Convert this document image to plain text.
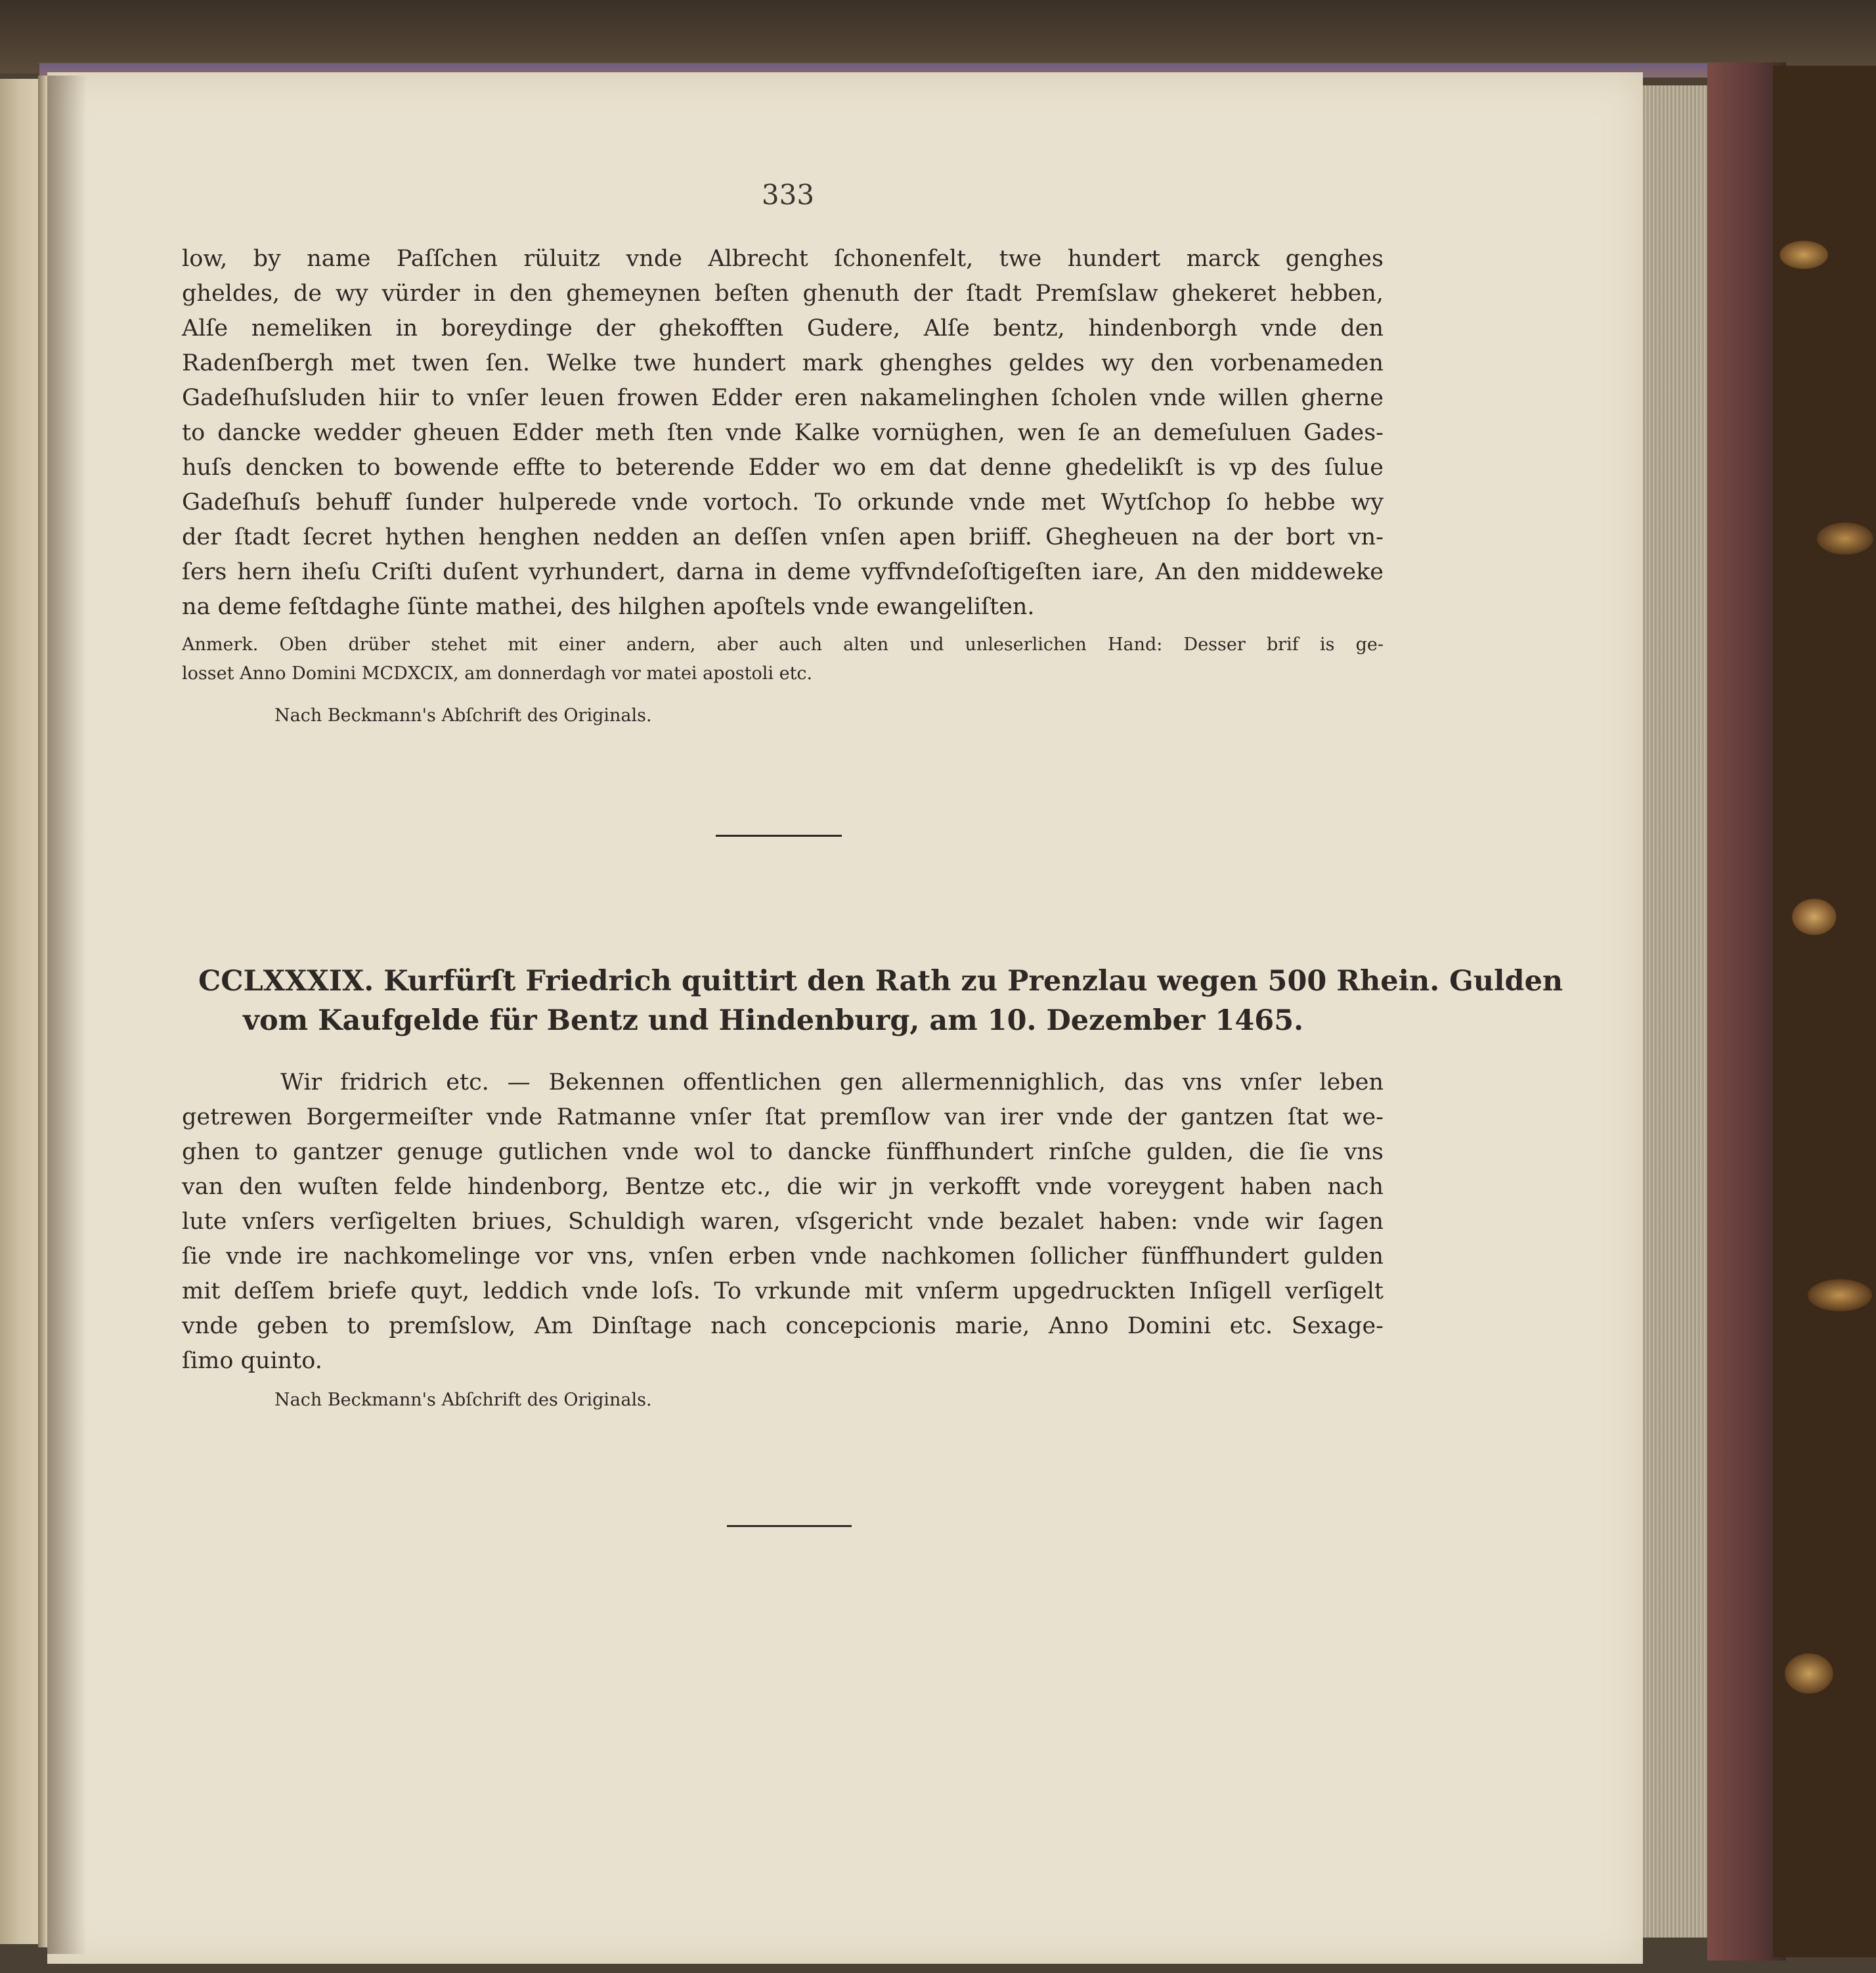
333
low, by name Paſſchen rüluitz vnde Albrecht ſchonenfelt, twe hundert marck genghes
gheldes, de wy vürder in den ghemeynen beſten ghenuth der ſtadt Premſslaw ghekeret hebben,
Alſe nemeliken in boreydinge der ghekofften Gudere, Alſe bentz, hindenborgh vnde den
Radenſbergh met twen ſen. Welke twe hundert mark ghenghes geldes wy den vorbenameden
Gadeſhuſsluden hiir to vnſer leuen frowen Edder eren nakamelinghen ſcholen vnde willen gherne
to dancke wedder gheuen Edder meth ſten vnde Kalke vornüghen, wen ſe an demeſuluen Gades-
huſs dencken to bowende effte to beterende Edder wo em dat denne ghedelikſt is vp des ſulue
Gadeſhuſs behuff ſunder hulperede vnde vortoch. To orkunde vnde met Wytſchop ſo hebbe wy
der ſtadt ſecret hythen henghen nedden an deſſen vnſen apen briiff. Ghegheuen na der bort vn-
ſers hern iheſu Criſti duſent vyrhundert, darna in deme vyffvndeſoſtigeſten iare, An den middeweke
na deme feſtdaghe ſünte mathei, des hilghen apoſtels vnde ewangeliſten.
Anmerk. Oben drüber stehet mit einer andern, aber auch alten und unleserlichen Hand: Desser brif is ge-
losset Anno Domini MCDXCIX, am donnerdagh vor matei apostoli etc.
Nach Beckmann's Abſchrift des Originals.
CCLXXXIX. Kurfürſt Friedrich quittirt den Rath zu Prenzlau wegen 500 Rhein. Gulden
vom Kaufgelde für Bentz und Hindenburg, am 10. Dezember 1465.
Wir fridrich etc. — Bekennen offentlichen gen allermennighlich, das vns vnſer leben
getrewen Borgermeiſter vnde Ratmanne vnſer ſtat premſlow van irer vnde der gantzen ſtat we-
ghen to gantzer genuge gutlichen vnde wol to dancke fünffhundert rinſche gulden, die ſie vns
van den wuſten felde hindenborg, Bentze etc., die wir jn verkofft vnde voreygent haben nach
lute vnſers verſigelten briues, Schuldigh waren, vſsgericht vnde bezalet haben: vnde wir ſagen
ſie vnde ire nachkomelinge vor vns, vnſen erben vnde nachkomen ſollicher fünffhundert gulden
mit deſſem briefe quyt, leddich vnde loſs. To vrkunde mit vnſerm upgedruckten Inſigell verſigelt
vnde geben to premſslow, Am Dinſtage nach concepcionis marie, Anno Domini etc. Sexage-
ſimo quinto.
Nach Beckmann's Abſchrift des Originals.
